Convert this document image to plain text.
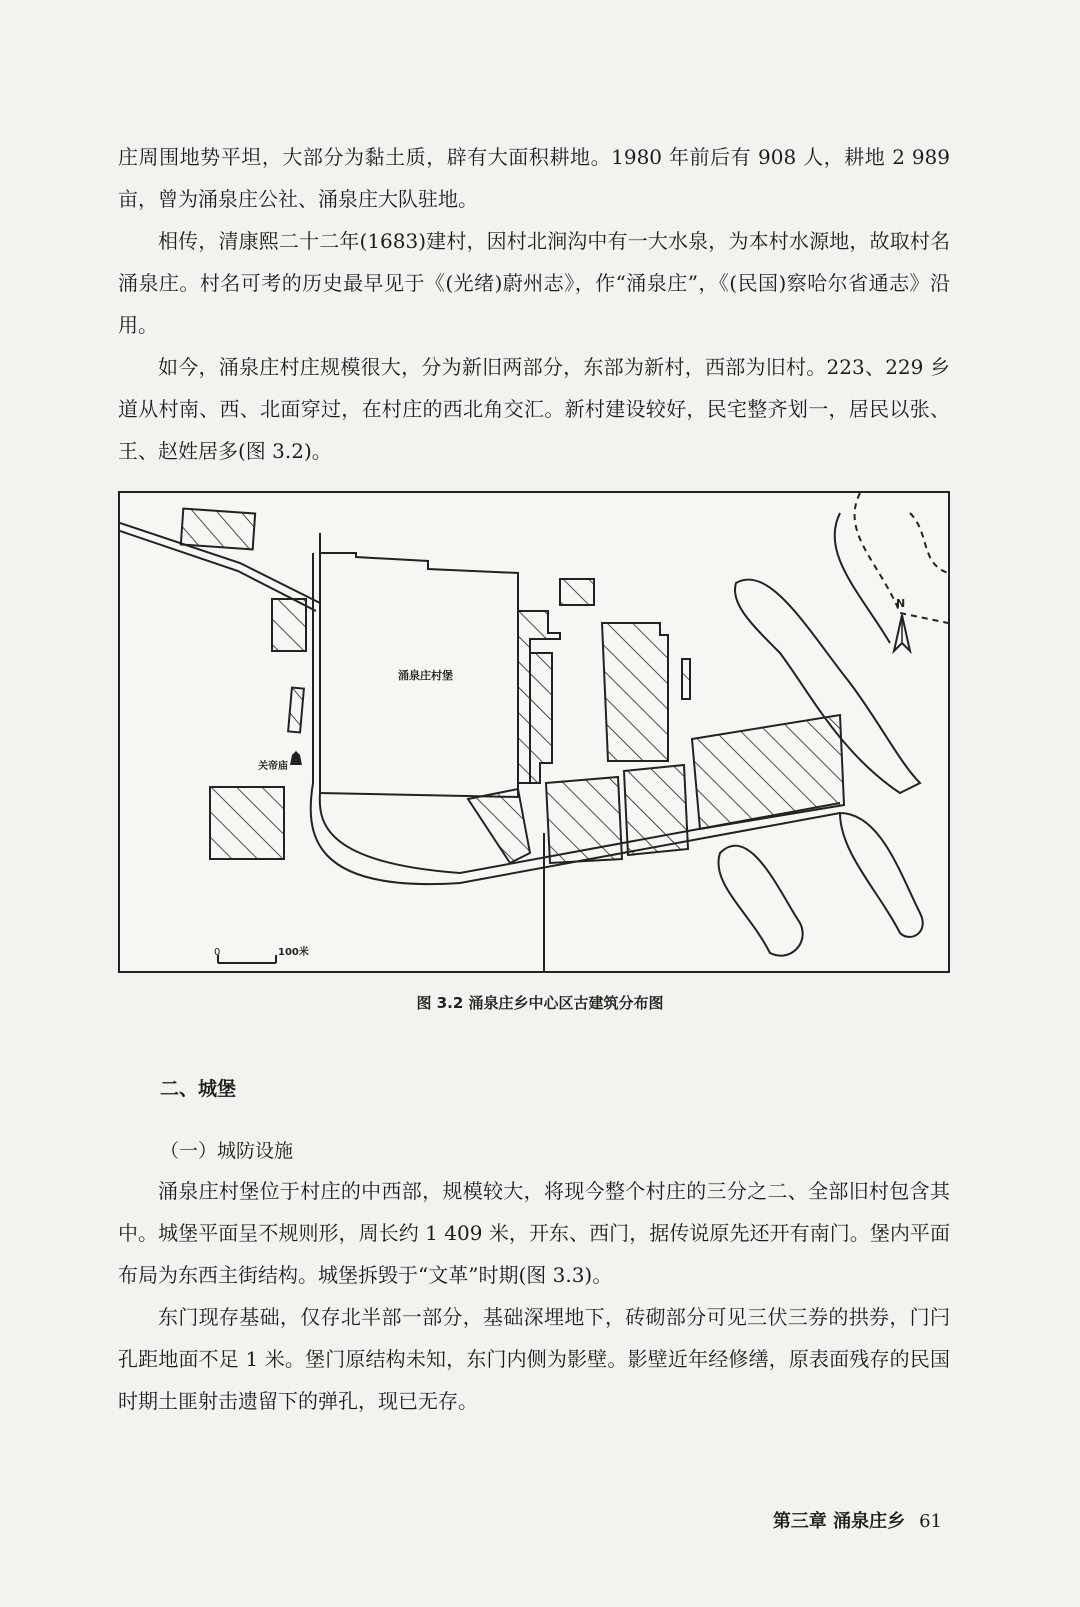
庄周围地势平坦，大部分为黏土质，辟有大面积耕地。1980 年前后有 908 人，耕地 2 989 亩，曾为涌泉庄公社、涌泉庄大队驻地。

相传，清康熙二十二年(1683)建村，因村北涧沟中有一大水泉，为本村水源地，故取村名涌泉庄。村名可考的历史最早见于《(光绪)蔚州志》，作“涌泉庄”，《(民国)察哈尔省通志》沿用。

如今，涌泉庄村庄规模很大，分为新旧两部分，东部为新村，西部为旧村。223、229 乡道从村南、西、北面穿过，在村庄的西北角交汇。新村建设较好，民宅整齐划一，居民以张、王、赵姓居多(图 3.2)。

N
涌泉庄村堡
关帝庙
0	100米
图 3.2 涌泉庄乡中心区古建筑分布图
二、城堡
（一）城防设施

涌泉庄村堡位于村庄的中西部，规模较大，将现今整个村庄的三分之二、全部旧村包含其中。城堡平面呈不规则形，周长约 1 409 米，开东、西门，据传说原先还开有南门。堡内平面布局为东西主街结构。城堡拆毁于“文革”时期(图 3.3)。

东门现存基础，仅存北半部一部分，基础深埋地下，砖砌部分可见三伏三券的拱券，门闩孔距地面不足 1 米。堡门原结构未知，东门内侧为影壁。影壁近年经修缮，原表面残存的民国时期土匪射击遗留下的弹孔，现已无存。

第三章 涌泉庄乡 61
